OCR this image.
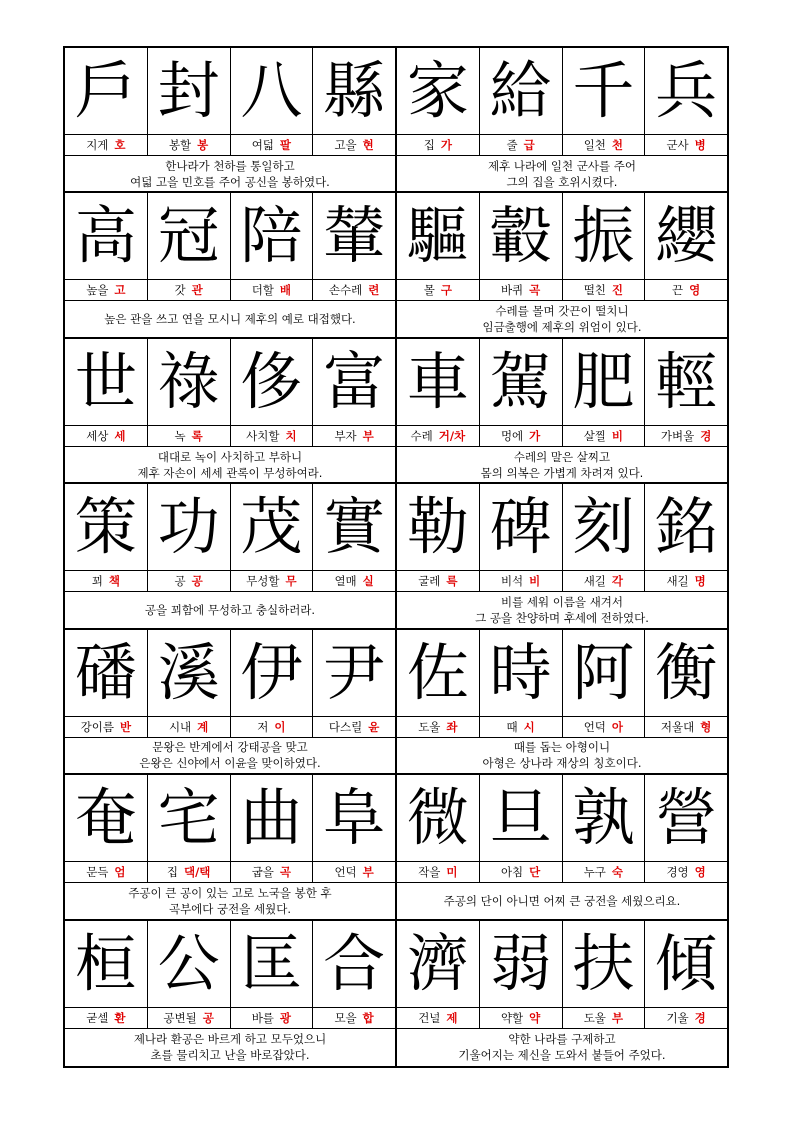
戶 封 八 縣
지게 호	봉할 봉	여덟 팔	고을 현
한나라가 천하를 통일하고
여덟 고을 민호를 주어 공신을 봉하였다.
家 給 千 兵
집 가	줄 급	일천 천	군사 병
제후 나라에 일천 군사를 주어
그의 집을 호위시켰다.
高 冠 陪 輦
높을 고	갓 관	더할 배	손수레 련
높은 관을 쓰고 연을 모시니 제후의 예로 대접했다.
驅 轂 振 纓
몰 구	바퀴 곡	떨친 진	끈 영
수레를 몰며 갓끈이 떨치니
임금출행에 제후의 위엄이 있다.
世 祿 侈 富
세상 세	녹 록	사치할 치	부자 부
대대로 녹이 사치하고 부하니
제후 자손이 세세 관록이 무성하여라.
車 駕 肥 輕
수레 거/차	멍에 가	살찔 비	가벼울 경
수레의 말은 살찌고
몸의 의복은 가볍게 차려져 있다.
策 功 茂 實
꾀 책	공 공	무성할 무	열매 실
공을 꾀함에 무성하고 충실하러라.
勒 碑 刻 銘
굴레 륵	비석 비	새길 각	새길 명
비를 세워 이름을 새겨서
그 공을 찬양하며 후세에 전하였다.
磻 溪 伊 尹
강이름 반	시내 계	저 이	다스릴 윤
문왕은 반계에서 강태공을 맞고
은왕은 신야에서 이윤을 맞이하였다.
佐 時 阿 衡
도울 좌	때 시	언덕 아	저울대 형
때를 돕는 아형이니
아형은 상나라 재상의 칭호이다.
奄 宅 曲 阜
문득 엄	집 댁/택	굽을 곡	언덕 부
주공이 큰 공이 있는 고로 노국을 봉한 후
곡부에다 궁전을 세웠다.
微 旦 孰 營
작을 미	아침 단	누구 숙	경영 영
주공의 단이 아니면 어찌 큰 궁전을 세웠으리요.
桓 公 匡 合
굳셀 환	공변될 공	바를 광	모을 합
제나라 환공은 바르게 하고 모두었으니
초를 물리치고 난을 바로잡았다.
濟 弱 扶 傾
건널 제	약할 약	도울 부	기울 경
약한 나라를 구제하고
기울어지는 제신을 도와서 붙들어 주었다.
